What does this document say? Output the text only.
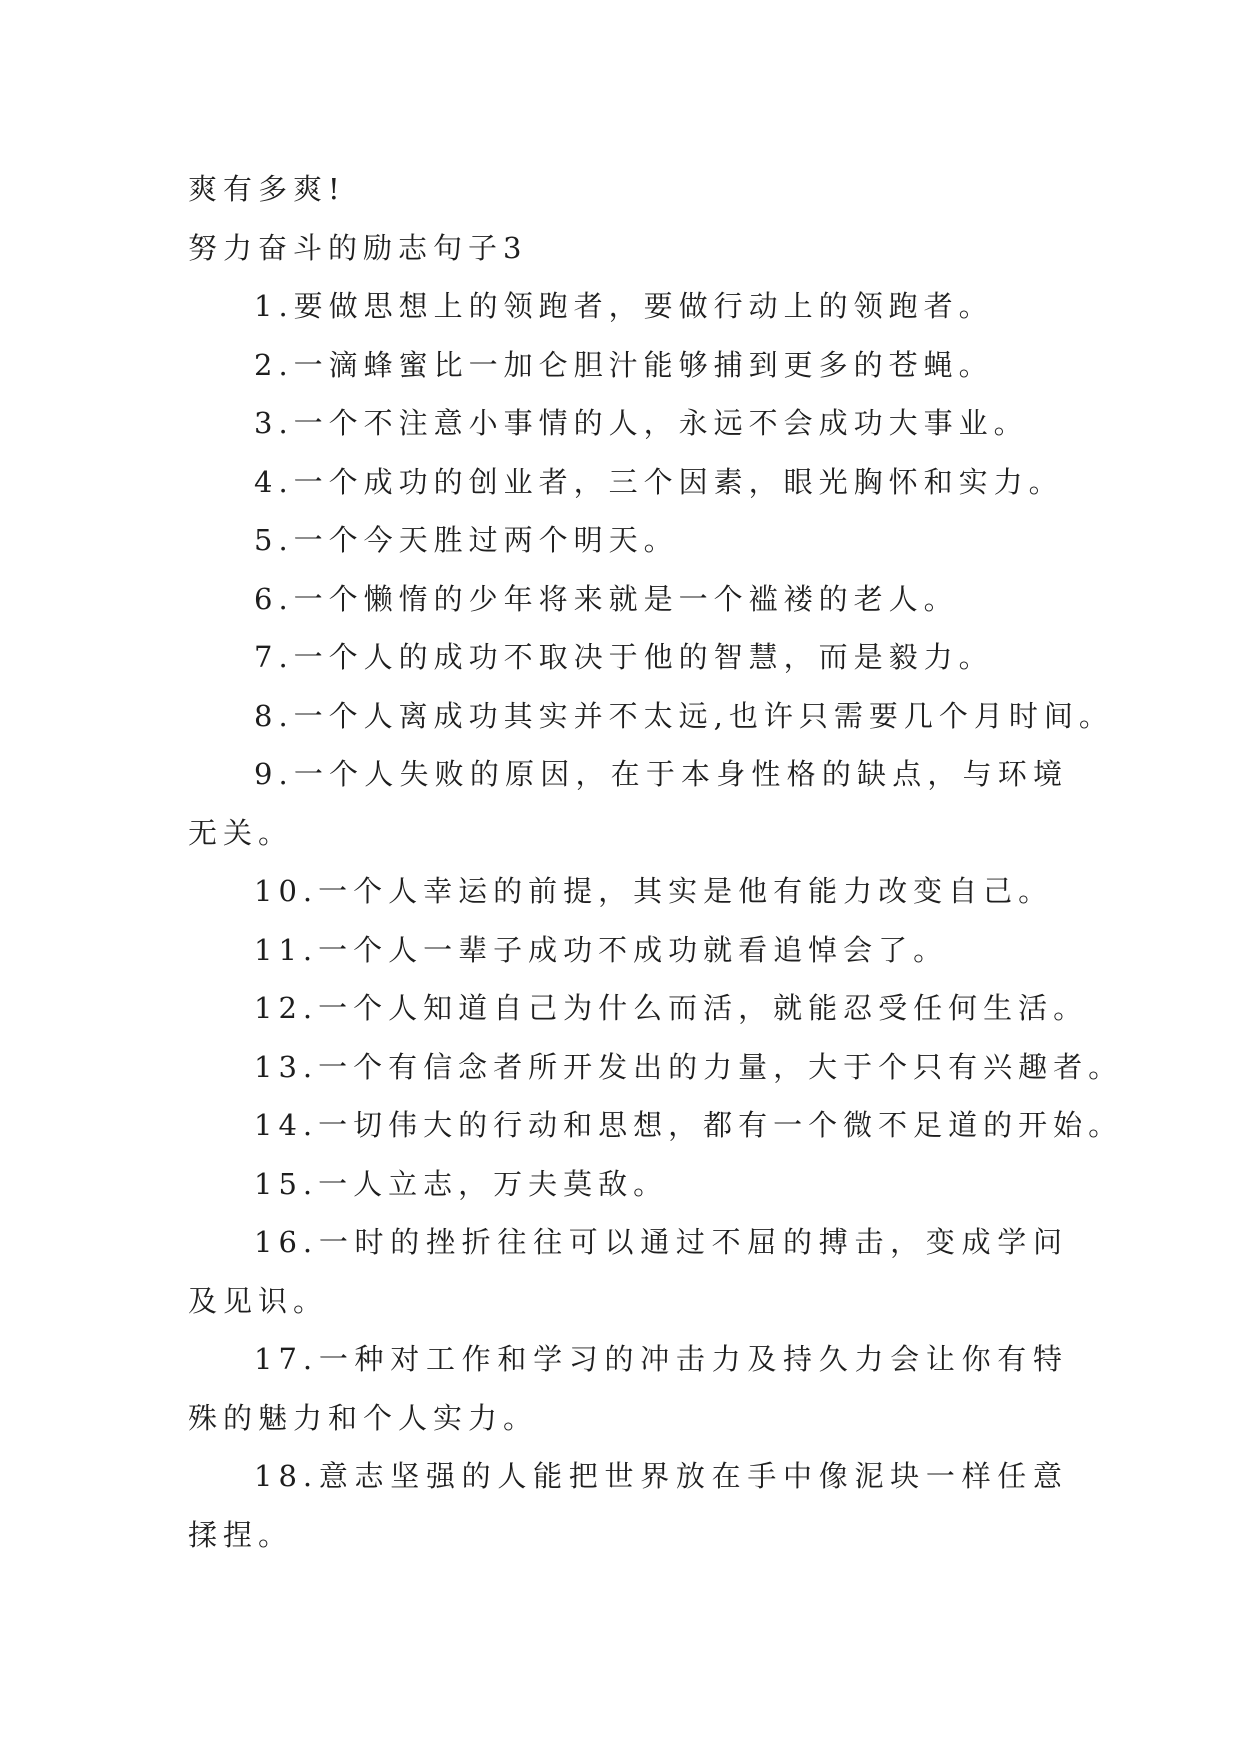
爽有多爽!

努力奋斗的励志句子3

1.要做思想上的领跑者，要做行动上的领跑者。

2.一滴蜂蜜比一加仑胆汁能够捕到更多的苍蝇。

3.一个不注意小事情的人，永远不会成功大事业。

4.一个成功的创业者，三个因素，眼光胸怀和实力。

5.一个今天胜过两个明天。

6.一个懒惰的少年将来就是一个褴褛的老人。

7.一个人的成功不取决于他的智慧，而是毅力。

8.一个人离成功其实并不太远,也许只需要几个月时间。

9.一个人失败的原因，在于本身性格的缺点，与环境无关。

10.一个人幸运的前提，其实是他有能力改变自己。

11.一个人一辈子成功不成功就看追悼会了。

12.一个人知道自己为什么而活，就能忍受任何生活。

13.一个有信念者所开发出的力量，大于个只有兴趣者。

14.一切伟大的行动和思想，都有一个微不足道的开始。

15.一人立志，万夫莫敌。

16.一时的挫折往往可以通过不屈的搏击，变成学问及见识。

17.一种对工作和学习的冲击力及持久力会让你有特殊的魅力和个人实力。

18.意志坚强的人能把世界放在手中像泥块一样任意揉捏。
